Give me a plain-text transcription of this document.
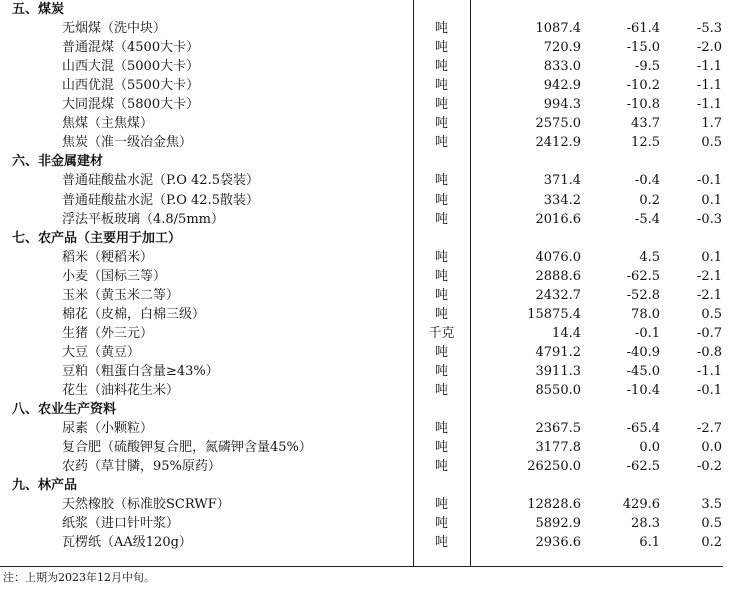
五、煤炭
无烟煤（洗中块）	吨	1087.4	-61.4	-5.3
普通混煤（4500大卡）	吨	720.9	-15.0	-2.0
山西大混（5000大卡）	吨	833.0	-9.5	-1.1
山西优混（5500大卡）	吨	942.9	-10.2	-1.1
大同混煤（5800大卡）	吨	994.3	-10.8	-1.1
焦煤（主焦煤）	吨	2575.0	43.7	1.7
焦炭（准一级冶金焦）	吨	2412.9	12.5	0.5
六、非金属建材
普通硅酸盐水泥（P.O 42.5袋装）	吨	371.4	-0.4	-0.1
普通硅酸盐水泥（P.O 42.5散装）	吨	334.2	0.2	0.1
浮法平板玻璃（4.8/5mm）	吨	2016.6	-5.4	-0.3
七、农产品（主要用于加工）
稻米（粳稻米）	吨	4076.0	4.5	0.1
小麦（国标三等）	吨	2888.6	-62.5	-2.1
玉米（黄玉米二等）	吨	2432.7	-52.8	-2.1
棉花（皮棉，白棉三级）	吨	15875.4	78.0	0.5
生猪（外三元）	千克	14.4	-0.1	-0.7
大豆（黄豆）	吨	4791.2	-40.9	-0.8
豆粕（粗蛋白含量≥43%）	吨	3911.3	-45.0	-1.1
花生（油料花生米）	吨	8550.0	-10.4	-0.1
八、农业生产资料
尿素（小颗粒）	吨	2367.5	-65.4	-2.7
复合肥（硫酸钾复合肥，氮磷钾含量45%）	吨	3177.8	0.0	0.0
农药（草甘膦，95%原药）	吨	26250.0	-62.5	-0.2
九、林产品
天然橡胶（标准胶SCRWF）	吨	12828.6	429.6	3.5
纸浆（进口针叶浆）	吨	5892.9	28.3	0.5
瓦楞纸（AA级120g）	吨	2936.6	6.1	0.2
注：上期为2023年12月中旬。
